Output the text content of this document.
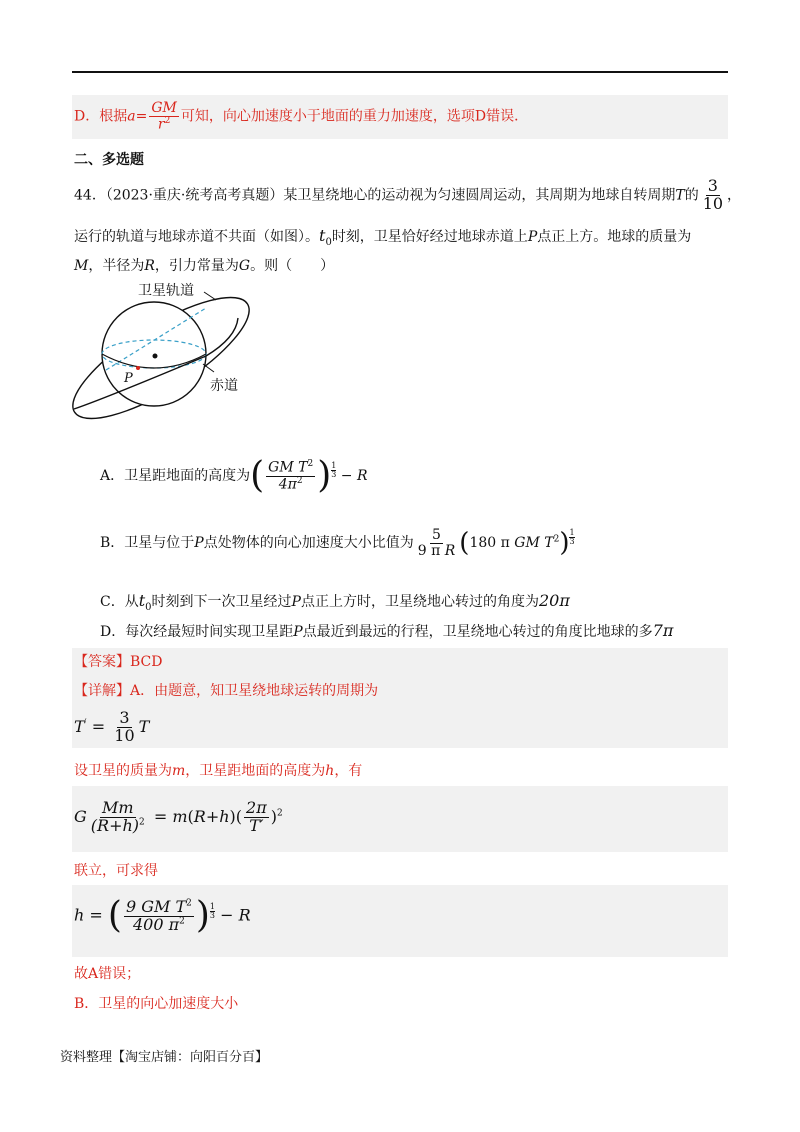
D．根据$a= \frac{GM}{r^2}$ 可知，向心加速度小于地面的重力加速度，选项D错误．
二、多选题
44．（2023·重庆·统考高考真题）某卫星绕地心的运动视为匀速圆周运动，其周期为地球自转周期T的 $\frac{3}{10}$ ，
运行的轨道与地球赤道不共面（如图）。$t_0$时刻，卫星恰好经过地球赤道上P点正上方。地球的质量为
M，半径为R，引力常量为G。则（　　）
卫星轨道
赤道
P
A．卫星距地面的高度为( $\frac{GM T^2}{4\pi^2}$ ) $\frac{1}{3} - R$
B．卫星与位于P点处物体的向心加速度大小比值为 $\frac{5}{\text{9 π R}} (180$ π GM $T^2) \frac{1}{3}$
C．从$t_0$时刻到下一次卫星经过P点正上方时，卫星绕地心转过的角度为20π
D．每次经最短时间实现卫星距P点最近到最远的行程，卫星绕地心转过的角度比地球的多7π
【答案】BCD
【详解】A．由题意，知卫星绕地球运转的周期为
$T' = \frac{3}{10}$ T
设卫星的质量为m，卫星距地面的高度为h，有
G $\frac{Mm}{(R+h)^2} = m(R+h)( \frac{2\pi}{T'} )^2$
联立，可求得
h = ( $\frac{9 GM T^2}{400 \pi^2}$ ) $\frac{1}{3} - R$
故A错误；
B．卫星的向心加速度大小
资料整理【淘宝店铺：向阳百分百】
